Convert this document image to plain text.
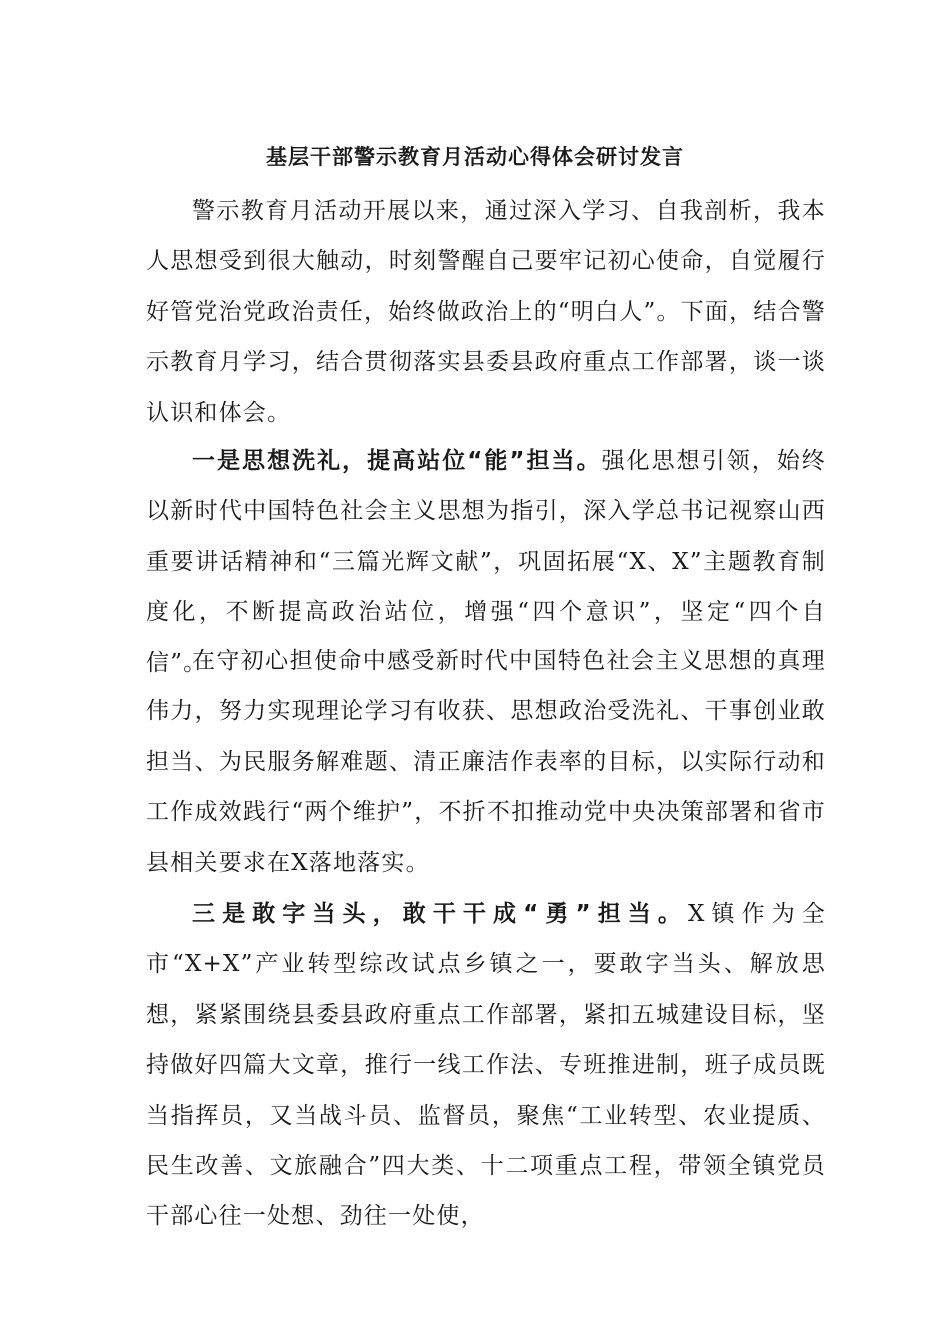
基层干部警示教育月活动心得体会研讨发言

警示教育月活动开展以来，通过深入学习、自我剖析，我本人思想受到很大触动，时刻警醒自己要牢记初心使命，自觉履行好管党治党政治责任，始终做政治上的“明白人”。下面，结合警示教育月学习，结合贯彻落实县委县政府重点工作部署，谈一谈认识和体会。

一是思想洗礼，提高站位“能”担当。强化思想引领，始终以新时代中国特色社会主义思想为指引，深入学总书记视察山西重要讲话精神和“三篇光辉文献”，巩固拓展“X、X”主题教育制度化，不断提高政治站位，增强“四个意识”，坚定“四个自信”。

在守初心担使命中感受新时代中国特色社会主义思想的真理伟力，努力实现理论学习有收获、思想政治受洗礼、干事创业敢担当、为民服务解难题、清正廉洁作表率的目标，以实际行动和工作成效践行“两个维护”，不折不扣推动党中央决策部署和省市县相关要求在X落地落实。

三是敢字当头，敢干干成“勇”担当。X镇作为全市“X+X”产业转型综改试点乡镇之一，要敢字当头、解放思想，紧紧围绕县委县政府重点工作部署，紧扣五城建设目标，坚持做好四篇大文章，推行一线工作法、专班推进制，班子成员既当指挥员，又当战斗员、监督员，聚焦“工业转型、农业提质、民生改善、文旅融合”四大类、十二项重点工程，带领全镇党员干部心往一处想、劲往一处使，
